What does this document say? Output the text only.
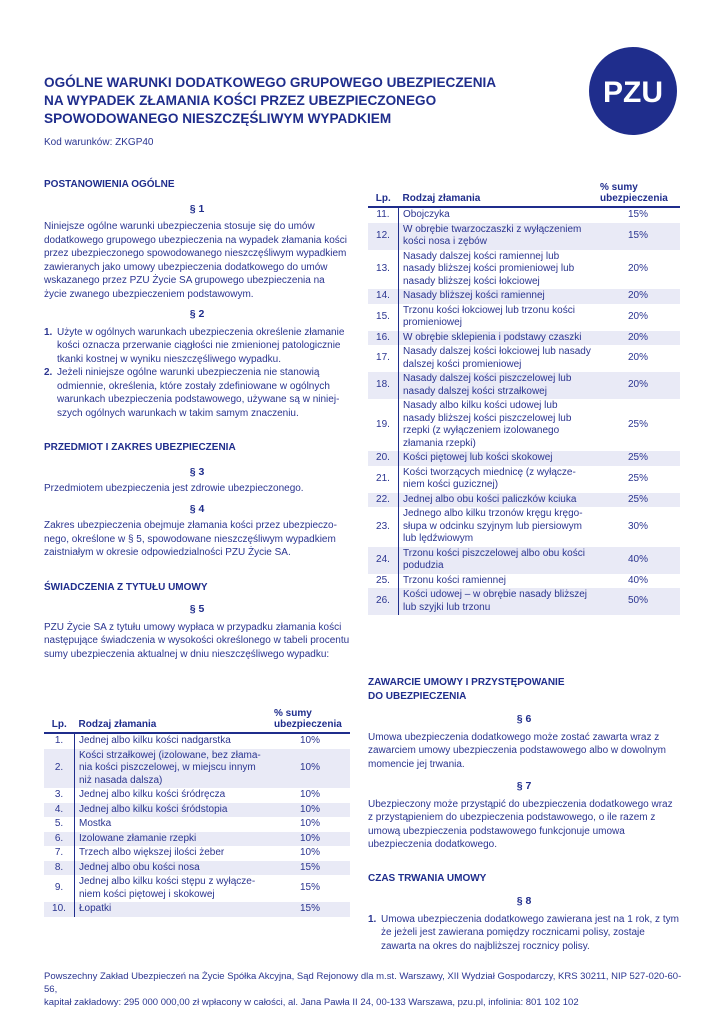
OGÓLNE WARUNKI DODATKOWEGO GRUPOWEGO UBEZPIECZENIA
NA WYPADEK ZŁAMANIA KOŚCI PRZEZ UBEZPIECZONEGO
SPOWODOWANEGO NIESZCZĘŚLIWYM WYPADKIEM
Kod warunków: ZKGP40
PZU
POSTANOWIENIA OGÓLNE
§ 1

Niniejsze ogólne warunki ubezpieczenia stosuje się do umów dodatkowego grupowego ubezpieczenia na wypadek złamania kości przez ubezpieczonego spowodowanego nieszczęśliwym wypadkiem zawieranych jako umowy ubezpieczenia dodatkowego do umów wskazanego przez PZU Życie SA grupowego ubezpieczenia na życie zwanego ubezpieczeniem podstawowym.

§ 2
1. Użyte w ogólnych warunkach ubezpieczenia określenie złamanie kości oznacza przerwanie ciągłości nie zmienionej patologicznie tkanki kostnej w wyniku nieszczęśliwego wypadku.
2. Jeżeli niniejsze ogólne warunki ubezpieczenia nie stanowią odmiennie, określenia, które zostały zdefiniowane w ogólnych warunkach ubezpieczenia podstawowego, używane są w niniejszych ogólnych warunkach w takim samym znaczeniu.
PRZEDMIOT I ZAKRES UBEZPIECZENIA
§ 3

Przedmiotem ubezpieczenia jest zdrowie ubezpieczonego.

§ 4

Zakres ubezpieczenia obejmuje złamania kości przez ubezpieczonego, określone w § 5, spowodowane nieszczęśliwym wypadkiem zaistniałym w okresie odpowiedzialności PZU Życie SA.

ŚWIADCZENIA Z TYTUŁU UMOWY
§ 5

PZU Życie SA z tytułu umowy wypłaca w przypadku złamania kości następujące świadczenia w wysokości określonego w tabeli procentu sumy ubezpieczenia aktualnej w dniu nieszczęśliwego wypadku:

Lp.	Rodzaj złamania	% sumy
ubezpieczenia
1.	Jednej albo kilku kości nadgarstka	10%
2.	Kości strzałkowej (izolowane, bez złamania kości piszczelowej, w miejscu innym niż nasada dalsza)	10%
3.	Jednej albo kilku kości śródręcza	10%
4.	Jednej albo kilku kości śródstopia	10%
5.	Mostka	10%
6.	Izolowane złamanie rzepki	10%
7.	Trzech albo większej ilości żeber	10%
8.	Jednej albo obu kości nosa	15%
9.	Jednej albo kilku kości stępu z wyłączeniem kości piętowej i skokowej	15%
10.	Łopatki	15%
Lp.	Rodzaj złamania	% sumy
ubezpieczenia
11.	Obojczyka	15%
12.	W obrębie twarzoczaszki z wyłączeniem kości nosa i zębów	15%
13.	Nasady dalszej kości ramiennej lub nasady bliższej kości promieniowej lub nasady bliższej kości łokciowej	20%
14.	Nasady bliższej kości ramiennej	20%
15.	Trzonu kości łokciowej lub trzonu kości promieniowej	20%
16.	W obrębie sklepienia i podstawy czaszki	20%
17.	Nasady dalszej kości łokciowej lub nasady dalszej kości promieniowej	20%
18.	Nasady dalszej kości piszczelowej lub nasady dalszej kości strzałkowej	20%
19.	Nasady albo kilku kości udowej lub nasady bliższej kości piszczelowej lub rzepki (z wyłączeniem izolowanego złamania rzepki)	25%
20.	Kości piętowej lub kości skokowej	25%
21.	Kości tworzących miednicę (z wyłączeniem kości guzicznej)	25%
22.	Jednej albo obu kości paliczków kciuka	25%
23.	Jednego albo kilku trzonów kręgu kręgosłupa w odcinku szyjnym lub piersiowym lub lędźwiowym	30%
24.	Trzonu kości piszczelowej albo obu kości podudzia	40%
25.	Trzonu kości ramiennej	40%
26.	Kości udowej – w obrębie nasady bliższej lub szyjki lub trzonu	50%
ZAWARCIE UMOWY I PRZYSTĘPOWANIE
DO UBEZPIECZENIA
§ 6

Umowa ubezpieczenia dodatkowego może zostać zawarta wraz z zawarciem umowy ubezpieczenia podstawowego albo w dowolnym momencie jej trwania.

§ 7

Ubezpieczony może przystąpić do ubezpieczenia dodatkowego wraz z przystąpieniem do ubezpieczenia podstawowego, o ile razem z umową ubezpieczenia podstawowego funkcjonuje umowa ubezpieczenia dodatkowego.

CZAS TRWANIA UMOWY
§ 8
1. Umowa ubezpieczenia dodatkowego zawierana jest na 1 rok, z tym że jeżeli jest zawierana pomiędzy rocznicami polisy, zostaje zawarta na okres do najbliższej rocznicy polisy.
Powszechny Zakład Ubezpieczeń na Życie Spółka Akcyjna, Sąd Rejonowy dla m.st. Warszawy, XII Wydział Gospodarczy, KRS 30211, NIP 527-020-60-56,
kapitał zakładowy: 295 000 000,00 zł wpłacony w całości, al. Jana Pawła II 24, 00-133 Warszawa, pzu.pl, infolinia: 801 102 102
